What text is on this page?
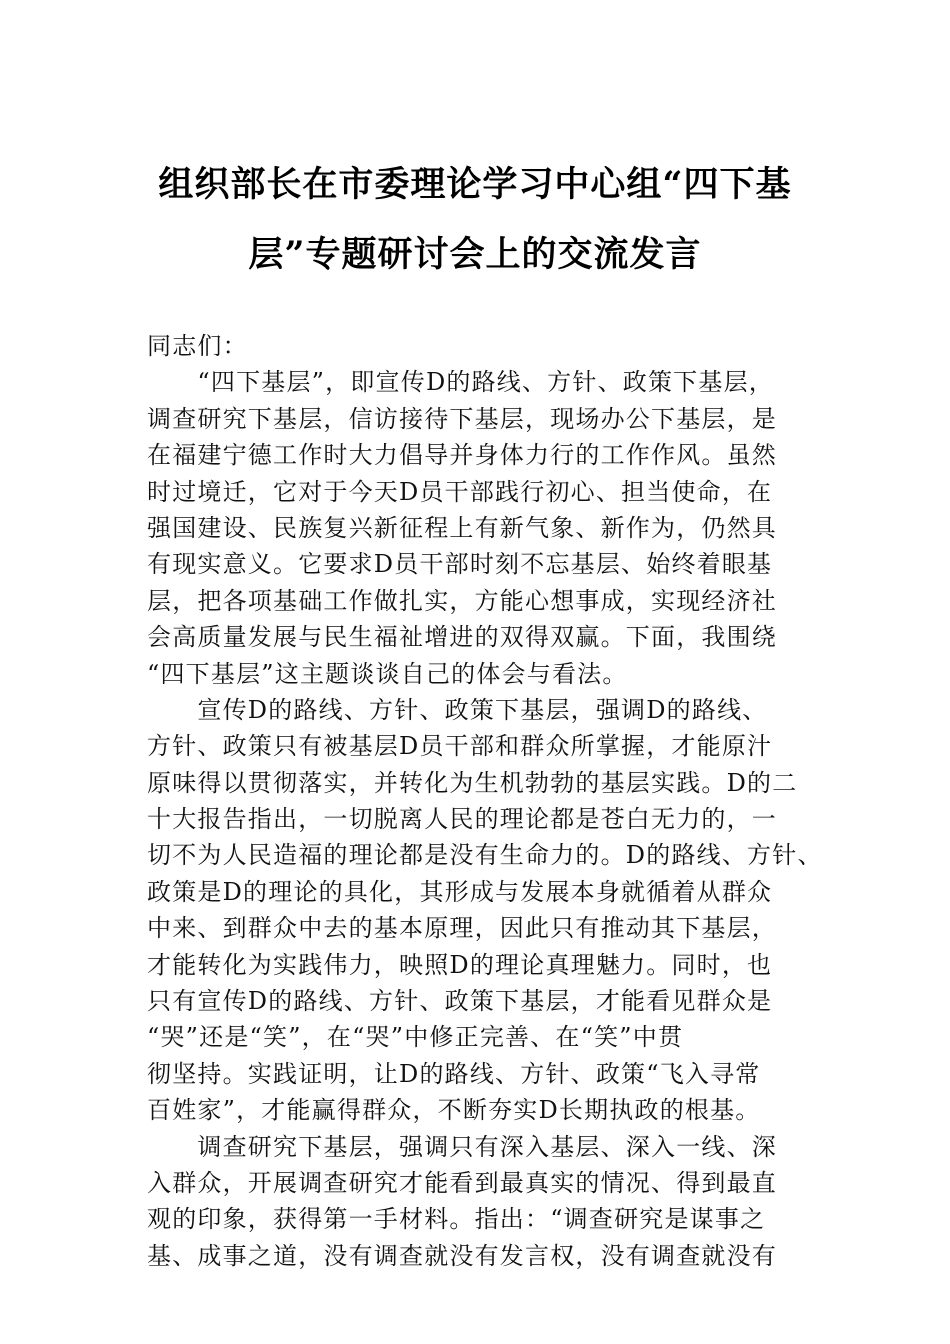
组织部长在市委理论学习中心组“四下基
层”专题研讨会上的交流发言
同志们：
　　“四下基层”，即宣传D的路线、方针、政策下基层，
调查研究下基层，信访接待下基层，现场办公下基层，是
在福建宁德工作时大力倡导并身体力行的工作作风。虽然
时过境迁，它对于今天D员干部践行初心、担当使命，在
强国建设、民族复兴新征程上有新气象、新作为，仍然具
有现实意义。它要求D员干部时刻不忘基层、始终着眼基
层，把各项基础工作做扎实，方能心想事成，实现经济社
会高质量发展与民生福祉增进的双得双赢。下面，我围绕
“四下基层”这主题谈谈自己的体会与看法。
　　宣传D的路线、方针、政策下基层，强调D的路线、
方针、政策只有被基层D员干部和群众所掌握，才能原汁
原味得以贯彻落实，并转化为生机勃勃的基层实践。D的二
十大报告指出，一切脱离人民的理论都是苍白无力的，一
切不为人民造福的理论都是没有生命力的。D的路线、方针、
政策是D的理论的具化，其形成与发展本身就循着从群众
中来、到群众中去的基本原理，因此只有推动其下基层，
才能转化为实践伟力，映照D的理论真理魅力。同时，也
只有宣传D的路线、方针、政策下基层，才能看见群众是
“哭”还是“笑”，在“哭”中修正完善、在“笑”中贯
彻坚持。实践证明，让D的路线、方针、政策“飞入寻常
百姓家”，才能赢得群众，不断夯实D长期执政的根基。
　　调查研究下基层，强调只有深入基层、深入一线、深
入群众，开展调查研究才能看到最真实的情况、得到最直
观的印象，获得第一手材料。指出：“调查研究是谋事之
基、成事之道，没有调查就没有发言权，没有调查就没有
